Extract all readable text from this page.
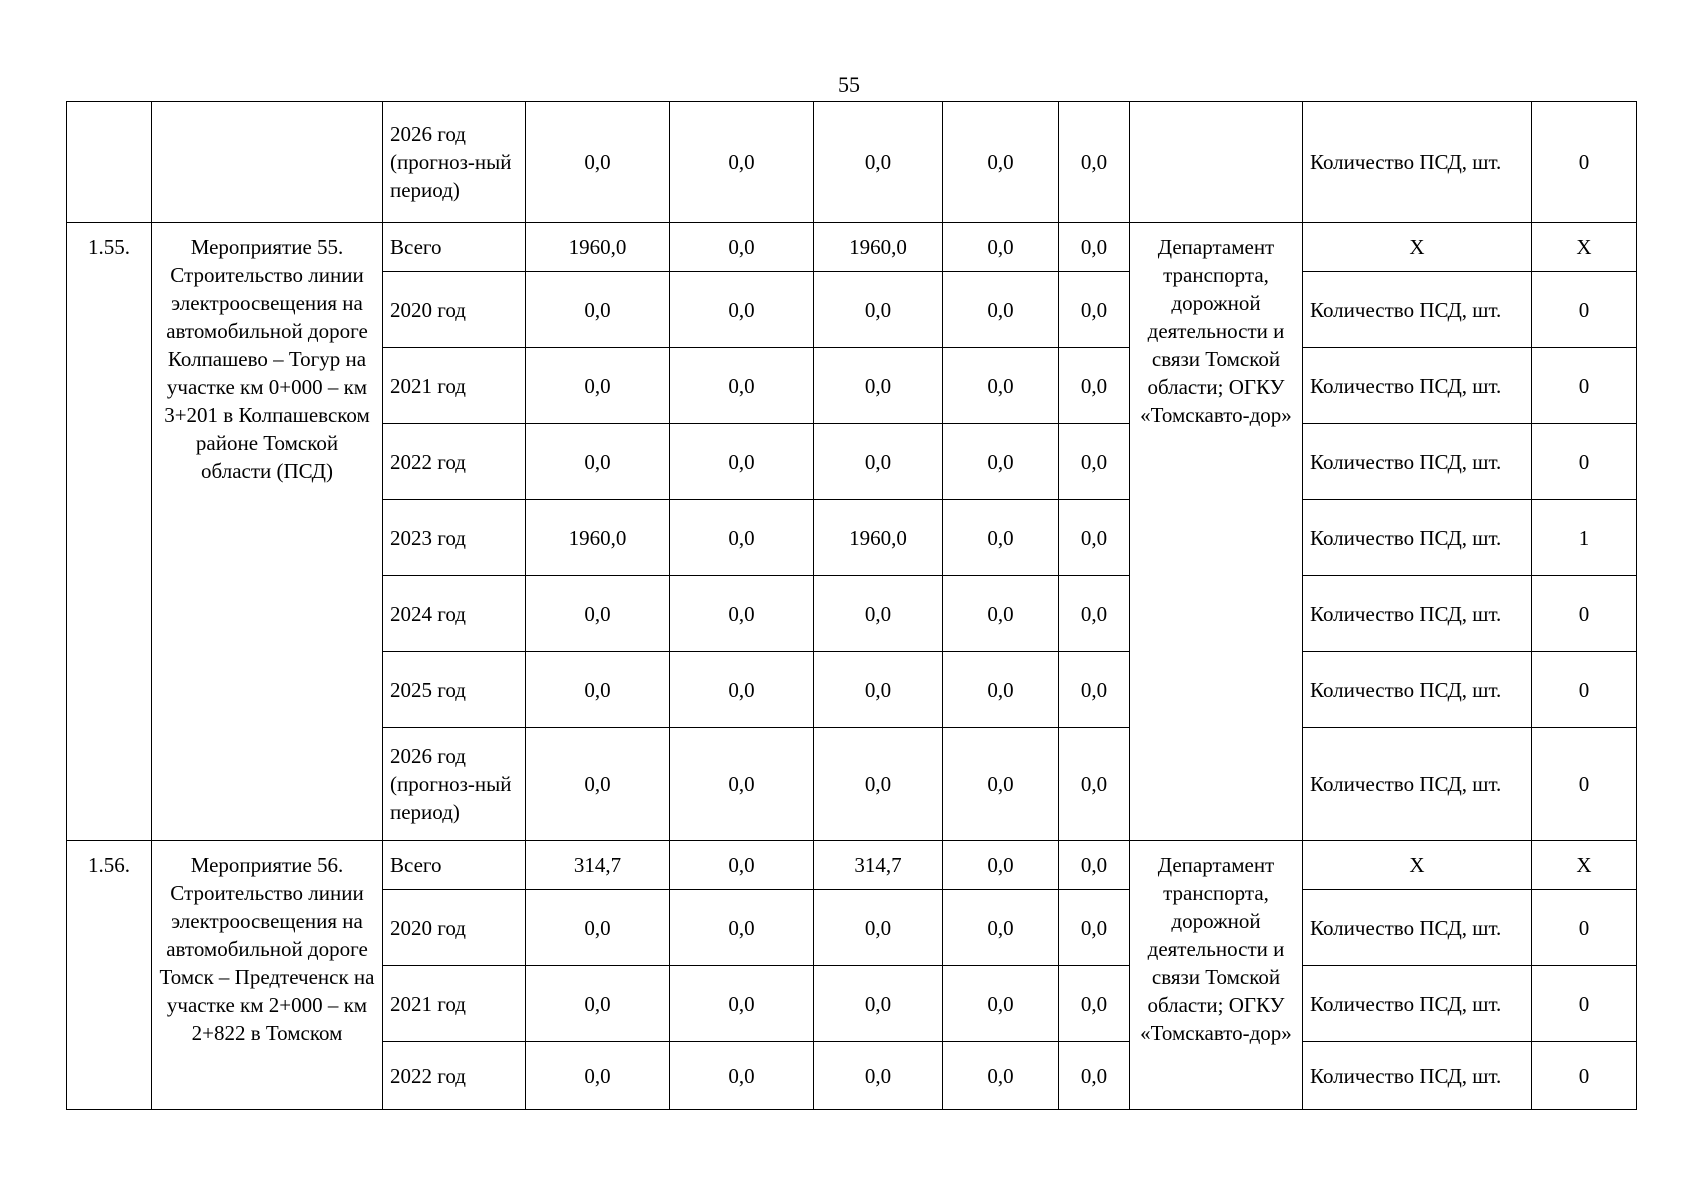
55
		2026 год (прогноз-ный период)	0,0	0,0	0,0	0,0	0,0		Количество ПСД, шт.	0
1.55.	Мероприятие 55. Строительство линии электроосвещения на автомобильной дороге Колпашево – Тогур на участке км 0+000 – км 3+201 в Колпашевском районе Томской области (ПСД)	Всего	1960,0	0,0	1960,0	0,0	0,0	Департамент транспорта, дорожной деятельности и связи Томской области; ОГКУ «Томскавто-дор»	Х	Х
		2020 год	0,0	0,0	0,0	0,0	0,0		Количество ПСД, шт.	0
		2021 год	0,0	0,0	0,0	0,0	0,0		Количество ПСД, шт.	0
		2022 год	0,0	0,0	0,0	0,0	0,0		Количество ПСД, шт.	0
		2023 год	1960,0	0,0	1960,0	0,0	0,0		Количество ПСД, шт.	1
		2024 год	0,0	0,0	0,0	0,0	0,0		Количество ПСД, шт.	0
		2025 год	0,0	0,0	0,0	0,0	0,0		Количество ПСД, шт.	0
		2026 год (прогноз-ный период)	0,0	0,0	0,0	0,0	0,0		Количество ПСД, шт.	0
1.56.	Мероприятие 56. Строительство линии электроосвещения на автомобильной дороге Томск – Предтеченск на участке км 2+000 – км 2+822 в Томском	Всего	314,7	0,0	314,7	0,0	0,0	Департамент транспорта, дорожной деятельности и связи Томской области; ОГКУ «Томскавто-дор»	Х	Х
		2020 год	0,0	0,0	0,0	0,0	0,0		Количество ПСД, шт.	0
		2021 год	0,0	0,0	0,0	0,0	0,0		Количество ПСД, шт.	0
		2022 год	0,0	0,0	0,0	0,0	0,0		Количество ПСД, шт.	0
